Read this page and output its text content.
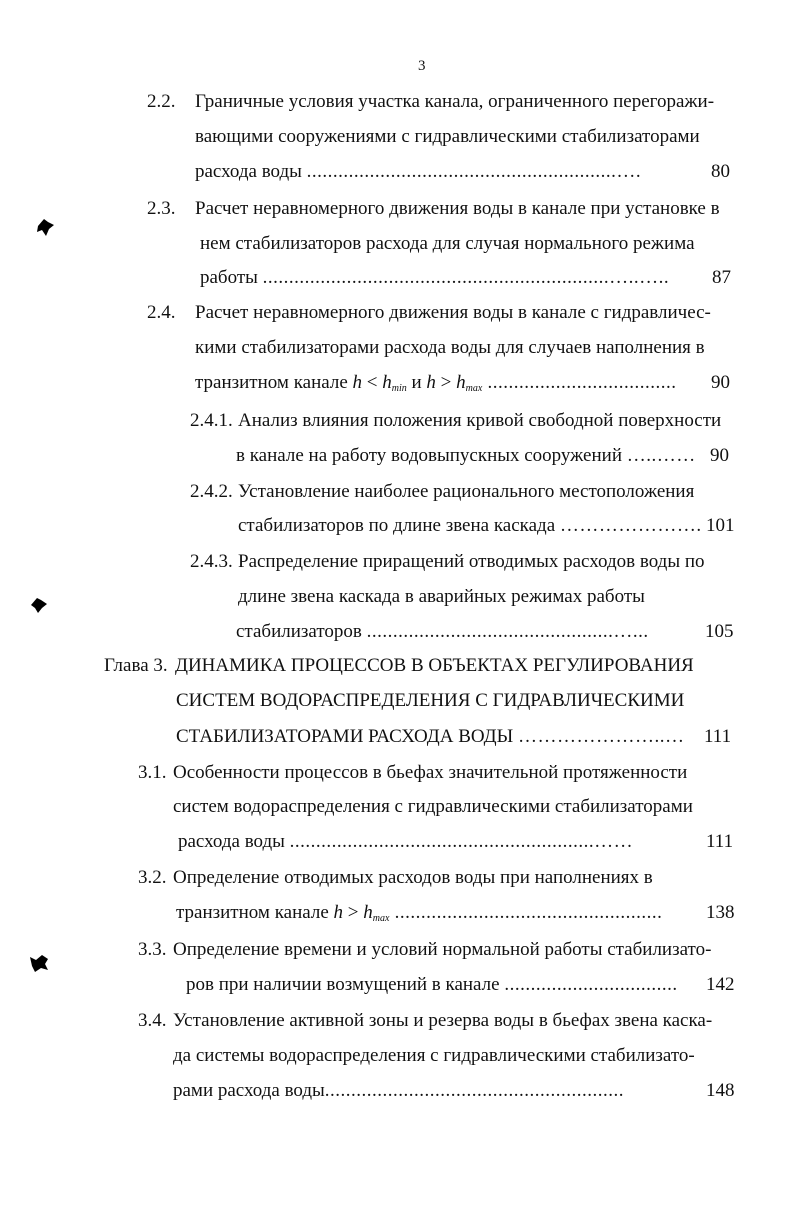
3
2.2. Граничные условия участка канала, ограниченного перегоражи-
вающими сооружениями с гидравлическими стабилизаторами
расхода воды ...........................................................….	80
2.3. Расчет неравномерного движения воды в канале при установке в
нем стабилизаторов расхода для случая нормального режима
работы ..................................................................…..….. 87
2.4. Расчет неравномерного движения воды в канале с гидравличес-
кими стабилизаторами расхода воды для случаев наполнения в
транзитном канале $h < h_{min}$ и $h > h_{max}$ .................................... 90
2.4.1. Анализ влияния положения кривой свободной поверхности
в канале на работу водовыпускных сооружений …..…… 90
2.4.2. Установление наиболее рационального местоположения
стабилизаторов по длине звена каскада …………………. 101
2.4.3. Распределение приращений отводимых расходов воды по
длине звена каскада в аварийных режимах работы
стабилизаторов ...............................................…...	105
Глава 3. ДИНАМИКА ПРОЦЕССОВ В ОБЪЕКТАХ РЕГУЛИРОВАНИЯ
СИСТЕМ ВОДОРАСПРЕДЕЛЕНИЯ С ГИДРАВЛИЧЕСКИМИ
СТАБИЛИЗАТОРАМИ РАСХОДА ВОДЫ …………………..… 111
3.1. Особенности процессов в бьефах значительной протяженности
систем водораспределения с гидравлическими стабилизаторами
расхода воды ..........................................................……	111
3.2. Определение отводимых расходов воды при наполнениях в
транзитном канале $h > h_{max}$ ................................................... 138
3.3. Определение времени и условий нормальной работы стабилизато-
ров при наличии возмущений в канале ................................. 142
3.4. Установление активной зоны и резерва воды в бьефах звена каска-
да системы водораспределения с гидравлическими стабилизато-
рами расхода воды.........................................................	148
